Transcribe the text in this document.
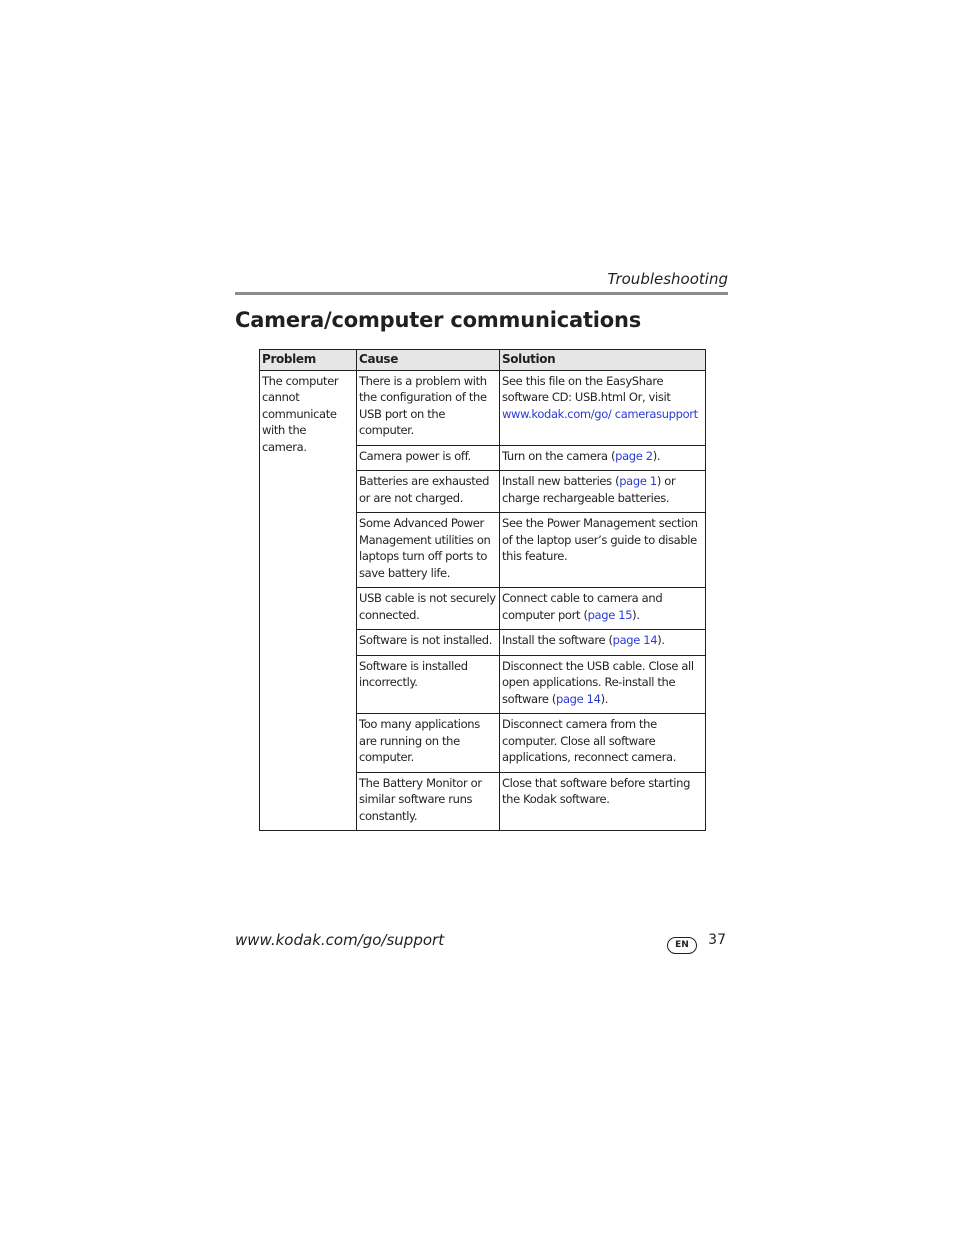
Troubleshooting
Camera/computer communications
Problem	Cause	Solution
The computer cannot communicate with the camera.	There is a problem with the configuration of the USB port on the computer.	See this file on the EasyShare software CD: USB.html Or, visit www.kodak.com/go/ camerasupport
	Camera power is off.	Turn on the camera (page 2).
	Batteries are exhausted or are not charged.	Install new batteries (page 1) or charge rechargeable batteries.
	Some Advanced Power Management utilities on laptops turn off ports to save battery life.	See the Power Management section of the laptop user’s guide to disable this feature.
	USB cable is not securely connected.	Connect cable to camera and computer port (page 15).
	Software is not installed.	Install the software (page 14).
	Software is installed incorrectly.	Disconnect the USB cable. Close all open applications. Re-install the software (page 14).
	Too many applications are running on the computer.	Disconnect camera from the computer. Close all software applications, reconnect camera.
	The Battery Monitor or similar software runs constantly.	Close that software before starting the Kodak software.
www.kodak.com/go/support	EN	37
